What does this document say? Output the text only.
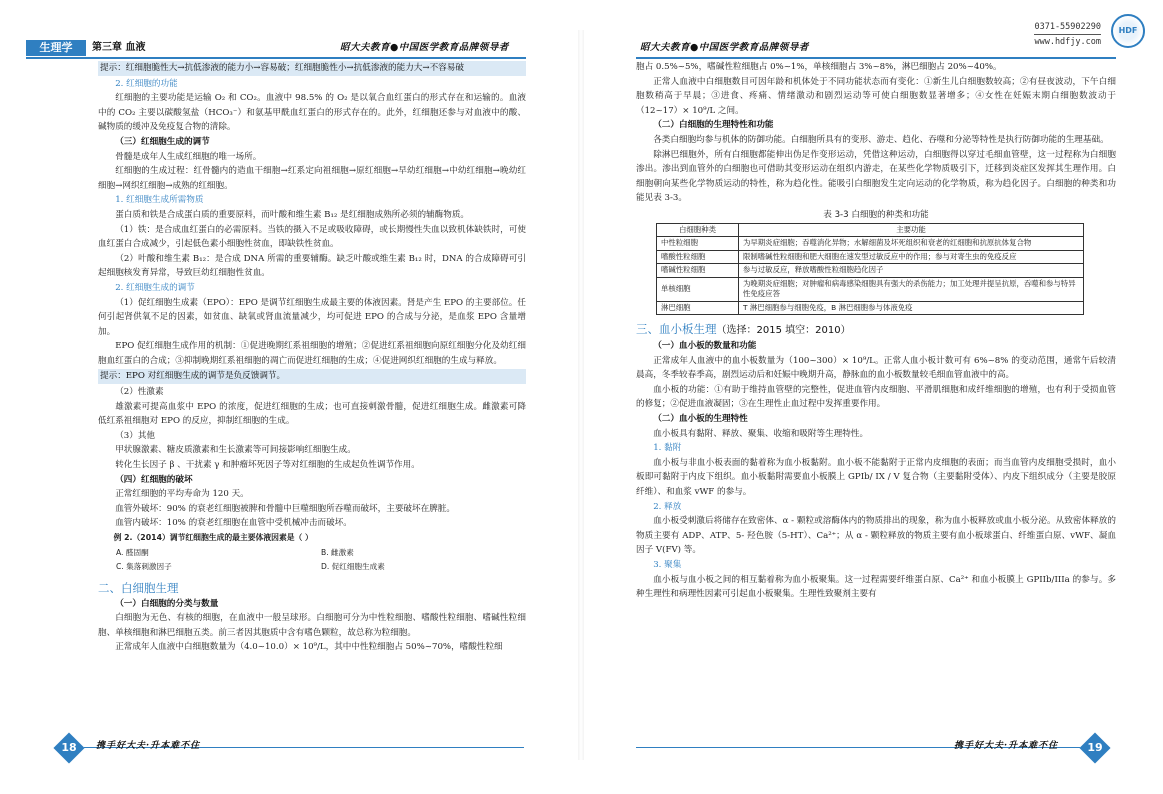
生理学	第三章 血液	昭大夫教育●中国医学教育品牌领导者

提示：红细胞脆性大→抗低渗液的能力小→容易破；红细胞脆性小→抗低渗液的能力大→不容易破

2. 红细胞的功能

红细胞的主要功能是运输 O₂ 和 CO₂。血液中 98.5% 的 O₂ 是以氧合血红蛋白的形式存在和运输的。血液中的 CO₂ 主要以碳酸氢盐（HCO₃⁻）和氨基甲酰血红蛋白的形式存在的。此外，红细胞还参与对血液中的酸、碱物质的缓冲及免疫复合物的清除。

（三）红细胞生成的调节

骨髓是成年人生成红细胞的唯一场所。

红细胞的生成过程：红骨髓内的造血干细胞→红系定向祖细胞→原红细胞→早幼红细胞→中幼红细胞→晚幼红细胞→网织红细胞→成熟的红细胞。

1. 红细胞生成所需物质

蛋白质和铁是合成蛋白质的重要原料，而叶酸和维生素 B₁₂ 是红细胞成熟所必须的辅酶物质。

（1）铁：是合成血红蛋白的必需原料。当铁的摄入不足或吸收障碍，或长期慢性失血以致机体缺铁时，可使血红蛋白合成减少，引起低色素小细胞性贫血，即缺铁性贫血。

（2）叶酸和维生素 B₁₂：是合成 DNA 所需的重要辅酶。缺乏叶酸或维生素 B₁₂ 时，DNA 的合成障碍可引起细胞核发育异常，导致巨幼红细胞性贫血。

2. 红细胞生成的调节

（1）促红细胞生成素（EPO）：EPO 是调节红细胞生成最主要的体液因素。肾是产生 EPO 的主要部位。任何引起肾供氧不足的因素，如贫血、缺氧或肾血流量减少，均可促进 EPO 的合成与分泌，是血浆 EPO 含量增加。

EPO 促红细胞生成作用的机制：①促进晚期红系祖细胞的增殖；②促进红系祖细胞向原红细胞分化及幼红细胞血红蛋白的合成；③抑制晚期红系祖细胞的凋亡而促进红细胞的生成；④促进网织红细胞的生成与释放。

提示：EPO 对红细胞生成的调节是负反馈调节。

（2）性激素

雄激素可提高血浆中 EPO 的浓度，促进红细胞的生成；也可直接刺激骨髓，促进红细胞生成。雌激素可降低红系祖细胞对 EPO 的反应，抑制红细胞的生成。

（3）其他

甲状腺激素、糖皮质激素和生长激素等可间接影响红细胞生成。

转化生长因子 β 、干扰素 γ 和肿瘤坏死因子等对红细胞的生成起负性调节作用。

（四）红细胞的破坏

正常红细胞的平均寿命为 120 天。

血管外破坏：90% 的衰老红细胞被脾和骨髓中巨噬细胞所吞噬而破坏，主要破坏在脾脏。

血管内破坏：10% 的衰老红细胞在血管中受机械冲击而破坏。

例 2.（2014）调节红细胞生成的最主要体液因素是（ ）

A. 醛固酮	B. 雌激素
C. 集落刺激因子	D. 促红细胞生成素
二、白细胞生理

（一）白细胞的分类与数量

白细胞为无色、有核的细胞，在血液中一般呈球形。白细胞可分为中性粒细胞、嗜酸性粒细胞、嗜碱性粒细胞、单核细胞和淋巴细胞五类。前三者因其胞质中含有嗜色颗粒，故总称为粒细胞。

正常成年人血液中白细胞数量为（4.0~10.0）× 10⁹/L，其中中性粒细胞占 50%~70%，嗜酸性粒细

18	携手好大夫·升本难不住
昭大夫教育●中国医学教育品牌领导者
0371-55902290
www.hdfjy.com
HDF

胞占 0.5%~5%，嗜碱性粒细胞占 0%~1%，单核细胞占 3%~8%，淋巴细胞占 20%~40%。

正常人血液中白细胞数目可因年龄和机体处于不同功能状态而有变化：①新生儿白细胞数较高；②有昼夜波动，下午白细胞数稍高于早晨；③进食、疼痛、情绪激动和剧烈运动等可使白细胞数显著增多；④女性在妊娠末期白细胞数波动于（12~17）× 10⁹/L 之间。

（二）白细胞的生理特性和功能

各类白细胞均参与机体的防御功能。白细胞所具有的变形、游走、趋化、吞噬和分泌等特性是执行防御功能的生理基础。

除淋巴细胞外，所有白细胞都能伸出伪足作变形运动，凭借这种运动，白细胞得以穿过毛细血管壁，这一过程称为白细胞渗出。渗出到血管外的白细胞也可借助其变形运动在组织内游走，在某些化学物质吸引下，迁移到炎症区发挥其生理作用。白细胞朝向某些化学物质运动的特性，称为趋化性。能吸引白细胞发生定向运动的化学物质，称为趋化因子。白细胞的种类和功能见表 3-3。

表 3-3 白细胞的种类和功能
白细胞种类	主要功能
中性粒细胞	为早期炎症细胞；吞噬消化异物；水解细菌及坏死组织和衰老的红细胞和抗原抗体复合物
嗜酸性粒细胞	限制嗜碱性粒细胞和肥大细胞在速发型过敏反应中的作用；参与对寄生虫的免疫反应
嗜碱性粒细胞	参与过敏反应，释放嗜酸性粒细胞趋化因子
单核细胞	为晚期炎症细胞；对肿瘤和病毒感染细胞具有强大的杀伤能力；加工处理并提呈抗原，吞噬和参与特异性免疫应答
淋巴细胞	T 淋巴细胞参与细胞免疫，B 淋巴细胞参与体液免疫
三、血小板生理（选择：2015 填空：2010）

（一）血小板的数量和功能

正常成年人血液中的血小板数量为（100~300）× 10⁹/L。正常人血小板计数可有 6%~8% 的变动范围，通常午后较清晨高，冬季较春季高，剧烈运动后和妊娠中晚期升高，静脉血的血小板数量较毛细血管血液中的高。

血小板的功能：①有助于维持血管壁的完整性，促进血管内皮细胞、平滑肌细胞和成纤维细胞的增殖，也有利于受损血管的修复；②促进血液凝固；③在生理性止血过程中发挥重要作用。

（二）血小板的生理特性

血小板具有黏附、释放、聚集、收缩和吸附等生理特性。

1. 黏附

血小板与非血小板表面的黏着称为血小板黏附。血小板不能黏附于正常内皮细胞的表面；而当血管内皮细胞受损时，血小板即可黏附于内皮下组织。血小板黏附需要血小板膜上 GPIb/ IX / V 复合物（主要黏附受体）、内皮下组织成分（主要是胶原纤维）、和血浆 vWF 的参与。

2. 释放

血小板受刺激后将储存在致密体、α - 颗粒或溶酶体内的物质排出的现象，称为血小板释放或血小板分泌。从致密体释放的物质主要有 ADP、ATP、5- 羟色胺（5-HT）、Ca²⁺；从 α - 颗粒释放的物质主要有血小板球蛋白、纤维蛋白原、vWF、凝血因子 V(FV) 等。

3. 聚集

血小板与血小板之间的相互黏着称为血小板聚集。这一过程需要纤维蛋白原、Ca²⁺ 和血小板膜上 GPIIb/IIIa 的参与。多种生理性和病理性因素可引起血小板聚集。生理性致聚剂主要有

携手好大夫·升本难不住	19
